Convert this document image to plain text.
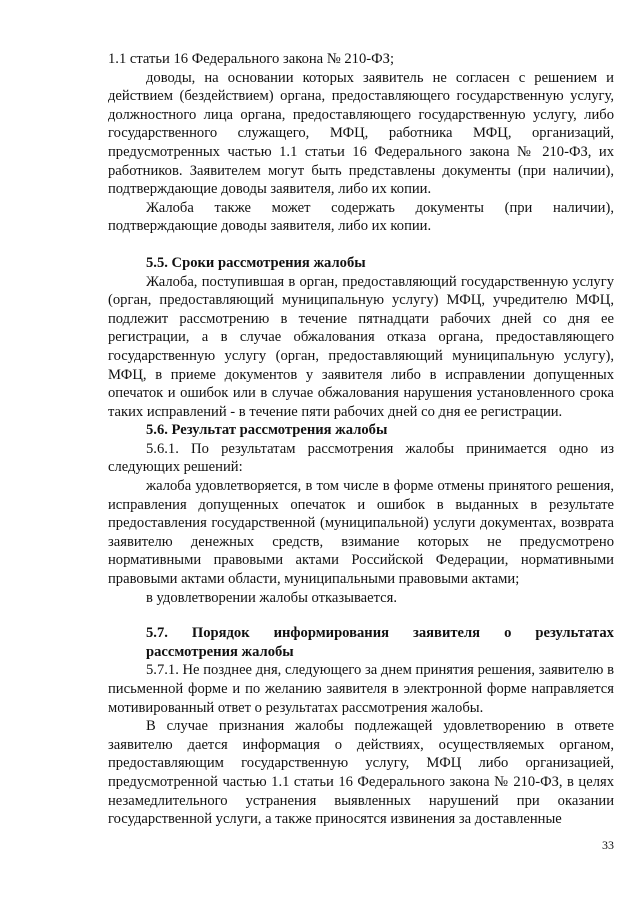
1.1 статьи 16 Федерального закона № 210-ФЗ;

доводы, на основании которых заявитель не согласен с решением и действием (бездействием) органа, предоставляющего государственную услугу, должностного лица органа, предоставляющего государственную услугу, либо государственного служащего, МФЦ, работника МФЦ, организаций, предусмотренных частью 1.1 статьи 16 Федерального закона № 210-ФЗ, их работников. Заявителем могут быть представлены документы (при наличии), подтверждающие доводы заявителя, либо их копии.

Жалоба также может содержать документы (при наличии), подтверждающие доводы заявителя, либо их копии.

5.5. Сроки рассмотрения жалобы

Жалоба, поступившая в орган, предоставляющий государственную услугу (орган, предоставляющий муниципальную услугу) МФЦ, учредителю МФЦ, подлежит рассмотрению в течение пятнадцати рабочих дней со дня ее регистрации, а в случае обжалования отказа органа, предоставляющего государственную услугу (орган, предоставляющий муниципальную услугу), МФЦ, в приеме документов у заявителя либо в исправлении допущенных опечаток и ошибок или в случае обжалования нарушения установленного срока таких исправлений - в течение пяти рабочих дней со дня ее регистрации.

5.6. Результат рассмотрения жалобы

5.6.1. По результатам рассмотрения жалобы принимается одно из следующих решений:

жалоба удовлетворяется, в том числе в форме отмены принятого решения, исправления допущенных опечаток и ошибок в выданных в результате предоставления государственной (муниципальной) услуги документах, возврата заявителю денежных средств, взимание которых не предусмотрено нормативными правовыми актами Российской Федерации, нормативными правовыми актами области, муниципальными правовыми актами;

в удовлетворении жалобы отказывается.

5.7. Порядок информирования заявителя о результатах

рассмотрения жалобы

5.7.1. Не позднее дня, следующего за днем принятия решения, заявителю в письменной форме и по желанию заявителя в электронной форме направляется мотивированный ответ о результатах рассмотрения жалобы.

В случае признания жалобы подлежащей удовлетворению в ответе заявителю дается информация о действиях, осуществляемых органом, предоставляющим государственную услугу, МФЦ либо организацией, предусмотренной частью 1.1 статьи 16 Федерального закона № 210-ФЗ, в целях незамедлительного устранения выявленных нарушений при оказании государственной услуги, а также приносятся извинения за доставленные

33
